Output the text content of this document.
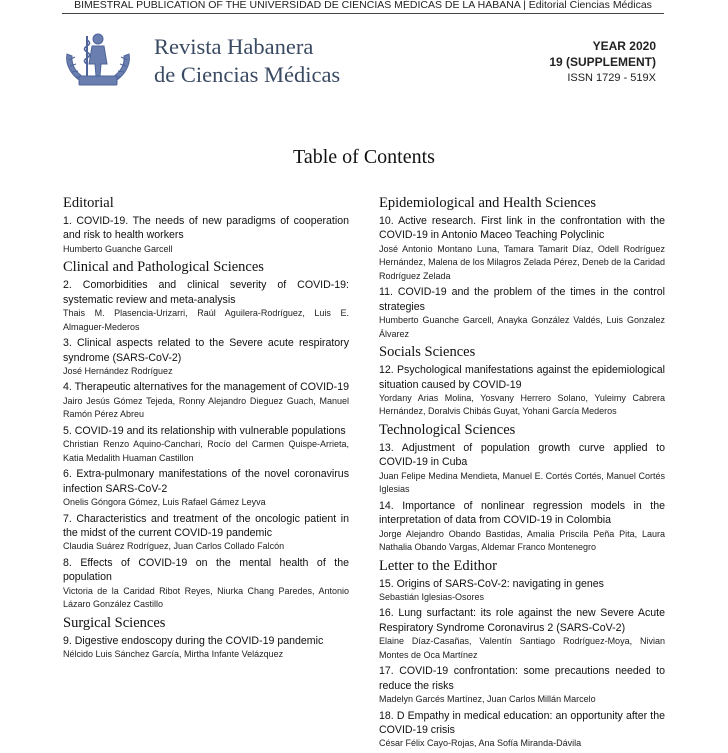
BIMESTRAL PUBLICATION OF THE UNIVERSIDAD DE CIENCIAS MÉDICAS DE LA HABANA | Editorial Ciencias Médicas
Revista Habanera
de Ciencias Médicas
YEAR 2020
19 (SUPPLEMENT)
ISSN 1729 - 519X
Table of Contents
Editorial
1. COVID-19. The needs of new paradigms of cooperation and risk to health workers
Humberto Guanche Garcell
Clinical and Pathological Sciences
2. Comorbidities and clinical severity of COVID-19: systematic review and meta-analysis
Thais M. Plasencia-Urizarri, Raúl Aguilera-Rodríguez, Luis E. Almaguer-Mederos
3. Clinical aspects related to the Severe acute respiratory syndrome (SARS-CoV-2)
José Hernández Rodríguez
4. Therapeutic alternatives for the management of COVID-19
Jairo Jesús Gómez Tejeda, Ronny Alejandro Dieguez Guach, Manuel Ramón Pérez Abreu
5. COVID-19 and its relationship with vulnerable populations
Christian Renzo Aquino-Canchari, Rocío del Carmen Quispe-Arrieta, Katia Medalith Huaman Castillon
6. Extra-pulmonary manifestations of the novel coronavirus infection SARS-CoV-2
Onelis Góngora Gómez, Luis Rafael Gámez Leyva
7. Characteristics and treatment of the oncologic patient in the midst of the current COVID-19 pandemic
Claudia Suárez Rodríguez, Juan Carlos Collado Falcón
8. Effects of COVID-19 on the mental health of the population
Victoria de la Caridad Ribot Reyes, Niurka Chang Paredes, Antonio Lázaro González Castillo
Surgical Sciences
9. Digestive endoscopy during the COVID-19 pandemic
Nélcido Luis Sánchez García, Mirtha Infante Velázquez
Epidemiological and Health Sciences
10. Active research. First link in the confrontation with the COVID-19 in Antonio Maceo Teaching Polyclinic
José Antonio Montano Luna, Tamara Tamarit Díaz, Odell Rodríguez Hernández, Malena de los Milagros Zelada Pérez, Deneb de la Caridad Rodríguez Zelada
11. COVID-19 and the problem of the times in the control strategies
Humberto Guanche Garcell, Anayka González Valdés, Luis Gonzalez Álvarez
Socials Sciences
12. Psychological manifestations against the epidemiological situation caused by COVID-19
Yordany Arias Molina, Yosvany Herrero Solano, Yuleimy Cabrera Hernández, Doralvis Chibás Guyat, Yohani García Mederos
Technological Sciences
13. Adjustment of population growth curve applied to COVID-19 in Cuba
Juan Felipe Medina Mendieta, Manuel E. Cortés Cortés, Manuel Cortés Iglesias
14. Importance of nonlinear regression models in the interpretation of data from COVID-19 in Colombia
Jorge Alejandro Obando Bastidas, Amalia Priscila Peña Pita, Laura Nathalia Obando Vargas, Aldemar Franco Montenegro
Letter to the Edithor
15. Origins of SARS-CoV-2: navigating in genes
Sebastián Iglesias-Osores
16. Lung surfactant: its role against the new Severe Acute Respiratory Syndrome Coronavirus 2 (SARS-CoV-2)
Elaine Díaz-Casañas, Valentín Santiago Rodríguez-Moya, Nivian Montes de Oca Martínez
17. COVID-19 confrontation: some precautions needed to reduce the risks
Madelyn Garcés Martínez, Juan Carlos Millán Marcelo
18. D Empathy in medical education: an opportunity after the COVID-19 crisis
César Félix Cayo-Rojas, Ana Sofía Miranda-Dávila
